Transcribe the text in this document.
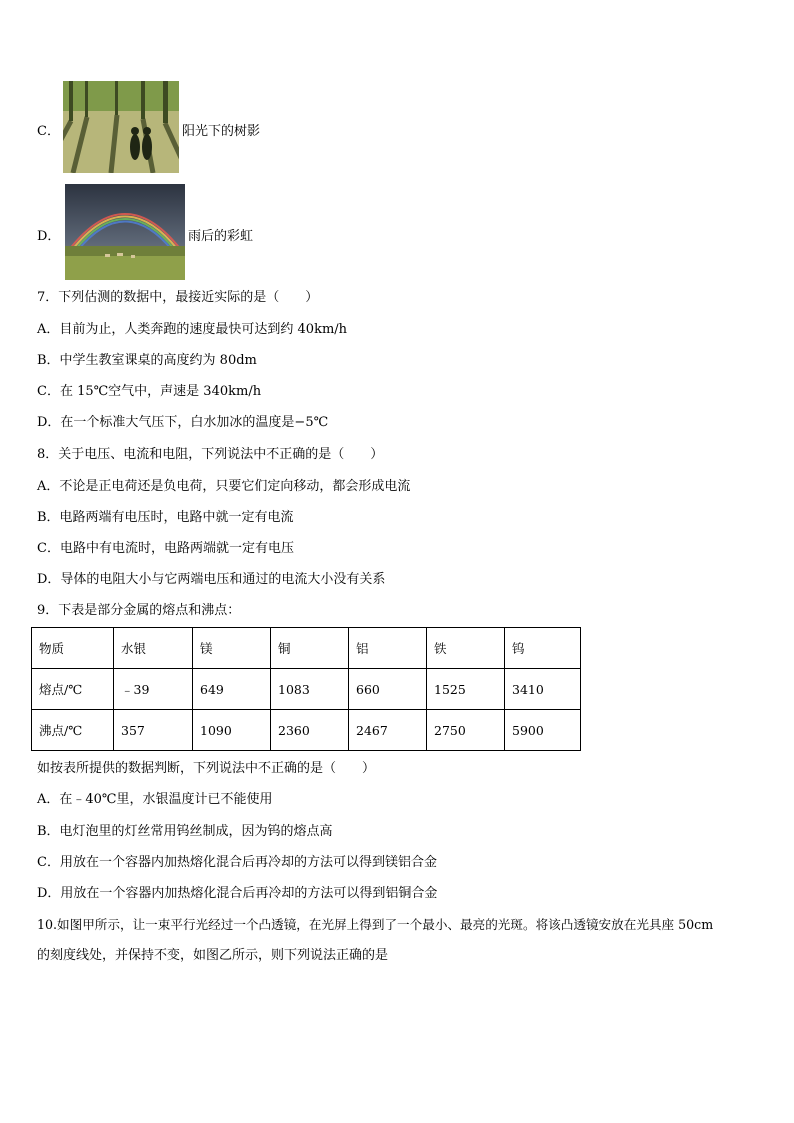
C．	阳光下的树影
D．	雨后的彩虹
7．下列估测的数据中，最接近实际的是（　　）
A．目前为止，人类奔跑的速度最快可达到约 40km/h
B．中学生教室课桌的高度约为 80dm
C．在 15℃空气中，声速是 340km/h
D．在一个标准大气压下，白水加冰的温度是−5℃
8．关于电压、电流和电阻，下列说法中不正确的是（　　）
A．不论是正电荷还是负电荷，只要它们定向移动，都会形成电流
B．电路两端有电压时，电路中就一定有电流
C．电路中有电流时，电路两端就一定有电压
D．导体的电阻大小与它两端电压和通过的电流大小没有关系
9．下表是部分金属的熔点和沸点：
物质	水银	镁	铜	铝	铁	钨
熔点/℃	﹣39	649	1083	660	1525	3410
沸点/℃	357	1090	2360	2467	2750	5900
如按表所提供的数据判断，下列说法中不正确的是（　　）
A．在﹣40℃里，水银温度计已不能使用
B．电灯泡里的灯丝常用钨丝制成，因为钨的熔点高
C．用放在一个容器内加热熔化混合后再冷却的方法可以得到镁铝合金
D．用放在一个容器内加热熔化混合后再冷却的方法可以得到铝铜合金
10.如图甲所示，让一束平行光经过一个凸透镜，在光屏上得到了一个最小、最亮的光斑。将该凸透镜安放在光具座 50cm
的刻度线处，并保持不变，如图乙所示，则下列说法正确的是
